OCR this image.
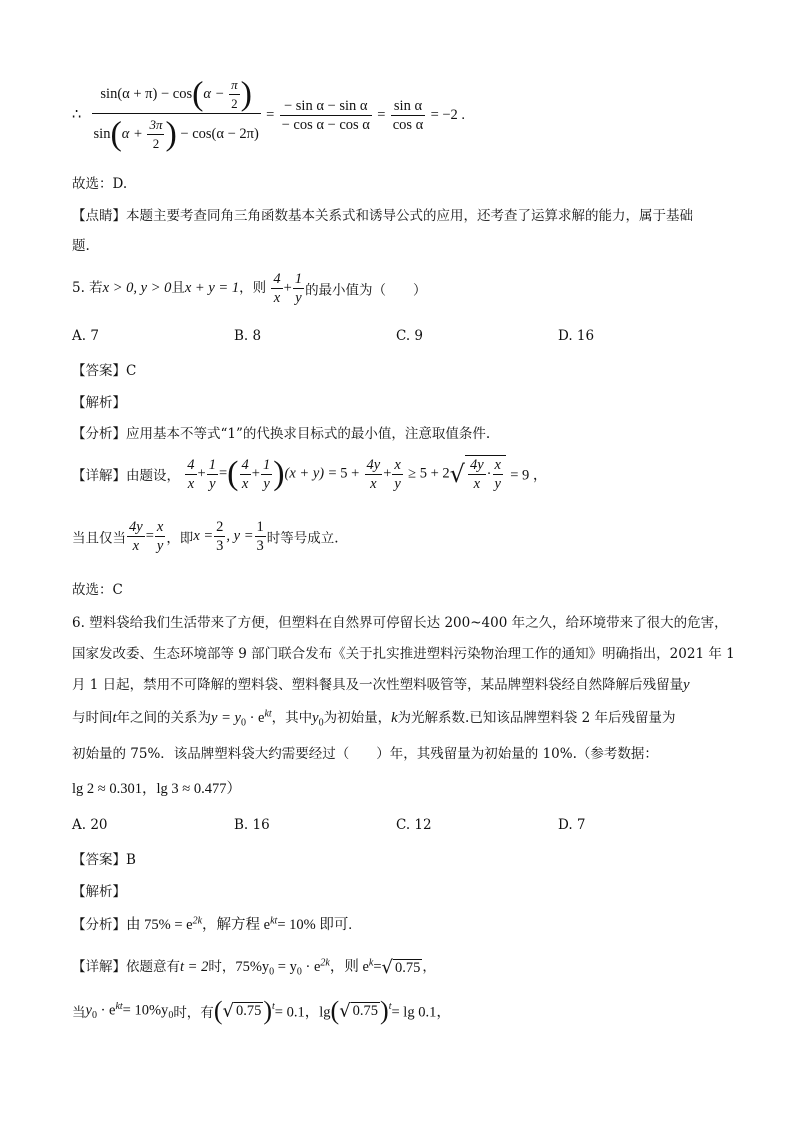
∴ $\frac{\sin(\alpha + \pi) - \cos(\alpha - \frac{\pi}{2} )}{\sin(\alpha + \frac{3\pi}{2} ) - \cos(\alpha - 2\pi)} = \frac{\text{− sin α − sin α}}{\text{− cos α − cos α}} = \frac{\text{sin α}}{\text{cos α}} = -2$ .
故选：D.
【点睛】本题主要考查同角三角函数基本关系式和诱导公式的应用，还考查了运算求解的能力，属于基础
题.
5. 若x > 0, y > 0且x + y = 1，则 $\frac{4}{x} + \frac{1}{y}$ 的最小值为（　　）
A. 7	B. 8	C. 9	D. 16
【答案】C
【解析】
【分析】应用基本不等式“1”的代换求目标式的最小值，注意取值条件.
【详解】由题设， $\frac{4}{x} + \frac{1}{y}$ =( $\frac{4}{x} + \frac{1}{y} )(x + y) = 5 + \frac{4y}{x} + \frac{x}{y} \ge 5 + 2√ \frac{4y}{x} \cdot \frac{x}{y} = 9$ ，
当且仅当 $\frac{4y}{x} = \frac{x}{y}$ ，即$x = \frac{2}{3}$ , $y = \frac{1}{3}$ 时等号成立.
故选：C
6. 塑料袋给我们生活带来了方便，但塑料在自然界可停留长达 200~400 年之久，给环境带来了很大的危害，
国家发改委、生态环境部等 9 部门联合发布《关于扎实推进塑料污染物治理工作的通知》明确指出，2021 年 1
月 1 日起，禁用不可降解的塑料袋、塑料餐具及一次性塑料吸管等，某品牌塑料袋经自然降解后残留量y
与时间t年之间的关系为$y = y_0 \cdot e^{kt}$，其中$y_0$为初始量，k为光解系数.已知该品牌塑料袋 2 年后残留量为
初始量的 75%．该品牌塑料袋大约需要经过（　　）年，其残留量为初始量的 10%.（参考数据：
lg 2 ≈ 0.301，lg 3 ≈ 0.477）
A. 20	B. 16	C. 12	D. 7
【答案】B
【解析】
【分析】由 $75\% = e^{2k}$，解方程 $e^{kt}= 10\%$ 即可.
【详解】依题意有t = 2时，$75\%y_0 = y_0 \cdot e^{2k}$，则 $e^k=√$ 0.75 ，
当$y_0 \cdot e^{kt}= 10\%y_0$时，有(√ 0.75)$^t$= 0.1，lg(√ 0.75)$^t$= lg 0.1，
